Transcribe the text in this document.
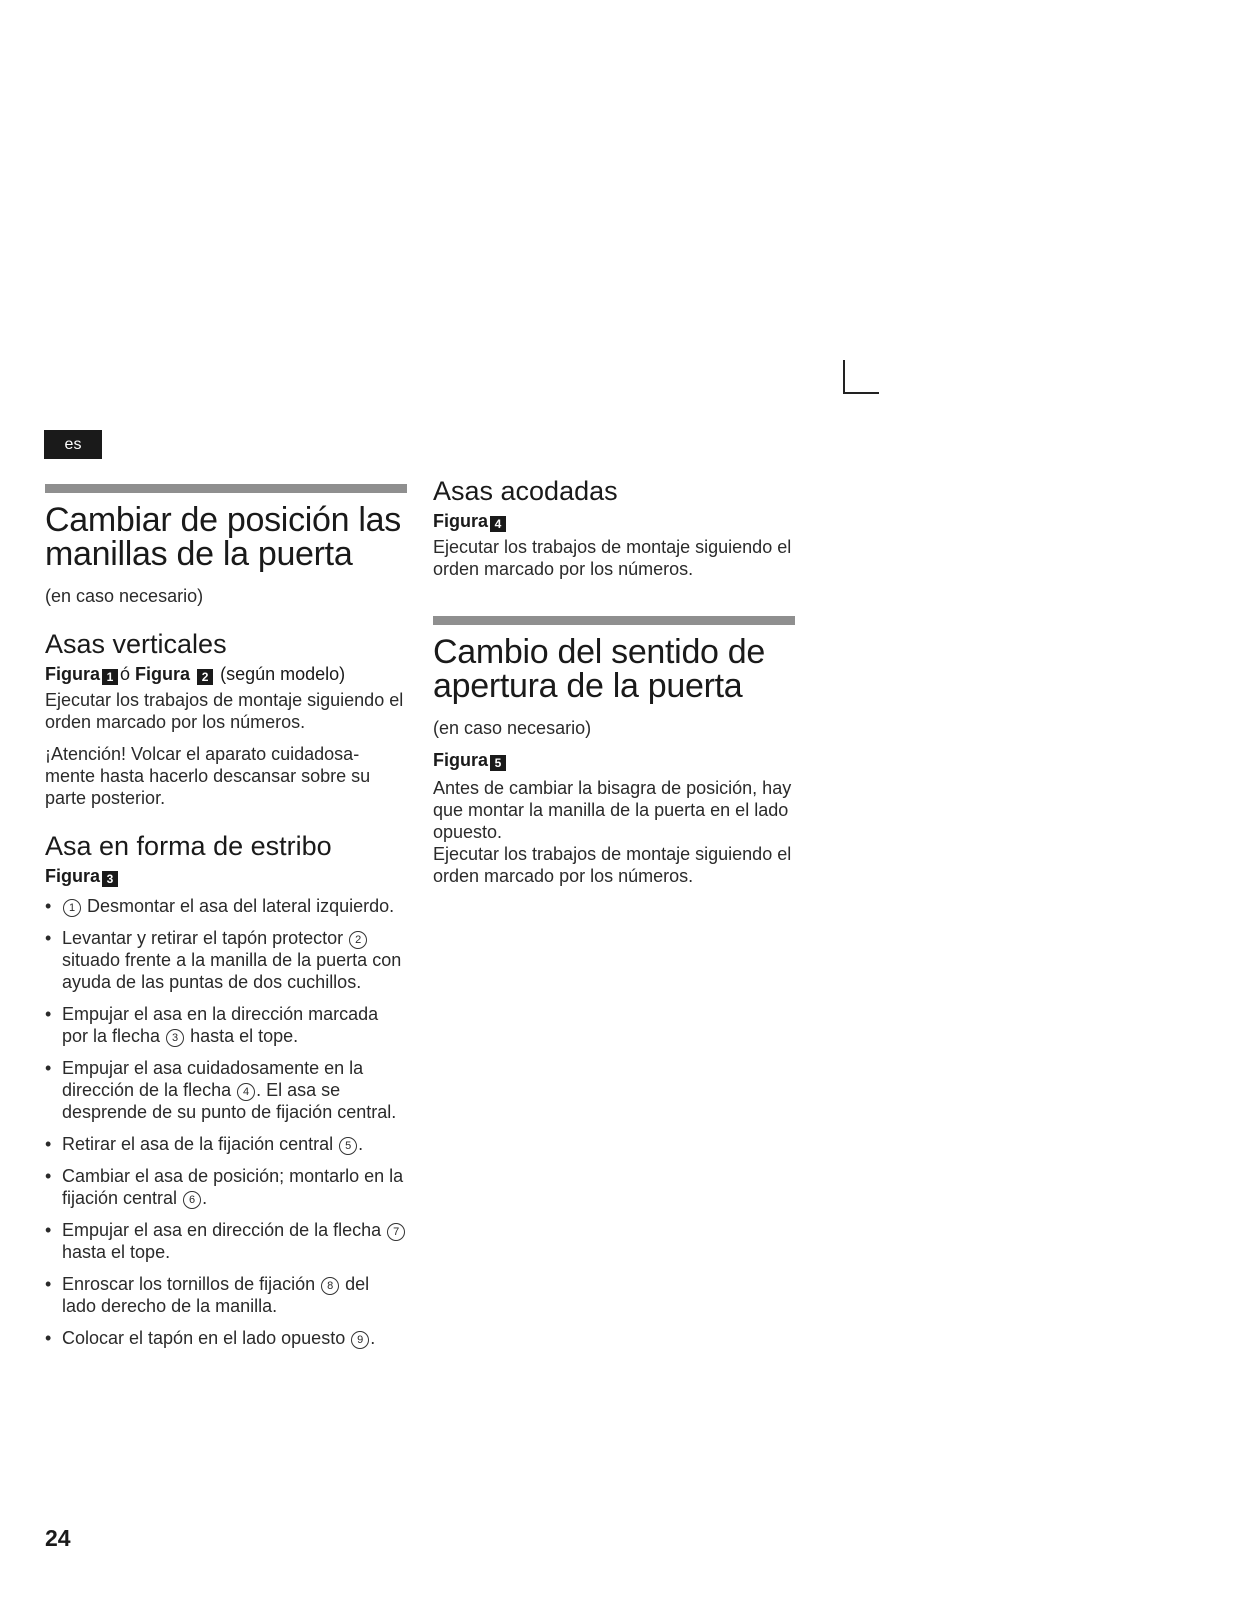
es
Cambiar de posición las manillas de la puerta

(en caso necesario)

Asas verticales
Figura 1 ó Figura 2 (según modelo)

Ejecutar los trabajos de montaje siguiendo el orden marcado por los números.

¡Atención! Volcar el aparato cuidadosa-mente hasta hacerlo descansar sobre su parte posterior.

Asa en forma de estribo
Figura 3
• 1 Desmontar el asa del lateral izquierdo.
• Levantar y retirar el tapón protector 2 situado frente a la manilla de la puerta con ayuda de las puntas de dos cuchillos.
• Empujar el asa en la dirección marcada por la flecha 3 hasta el tope.
• Empujar el asa cuidadosamente en la dirección de la flecha 4 . El asa se desprende de su punto de fijación central.
• Retirar el asa de la fijación central 5 .
• Cambiar el asa de posición; montarlo en la fijación central 6 .
• Empujar el asa en dirección de la flecha 7 hasta el tope.
• Enroscar los tornillos de fijación 8 del lado derecho de la manilla.
• Colocar el tapón en el lado opuesto 9 .
Asas acodadas
Figura 4

Ejecutar los trabajos de montaje siguiendo el orden marcado por los números.

Cambio del sentido de apertura de la puerta

(en caso necesario)

Figura 5

Antes de cambiar la bisagra de posición, hay que montar la manilla de la puerta en el lado opuesto.

Ejecutar los trabajos de montaje siguiendo el orden marcado por los números.

24
